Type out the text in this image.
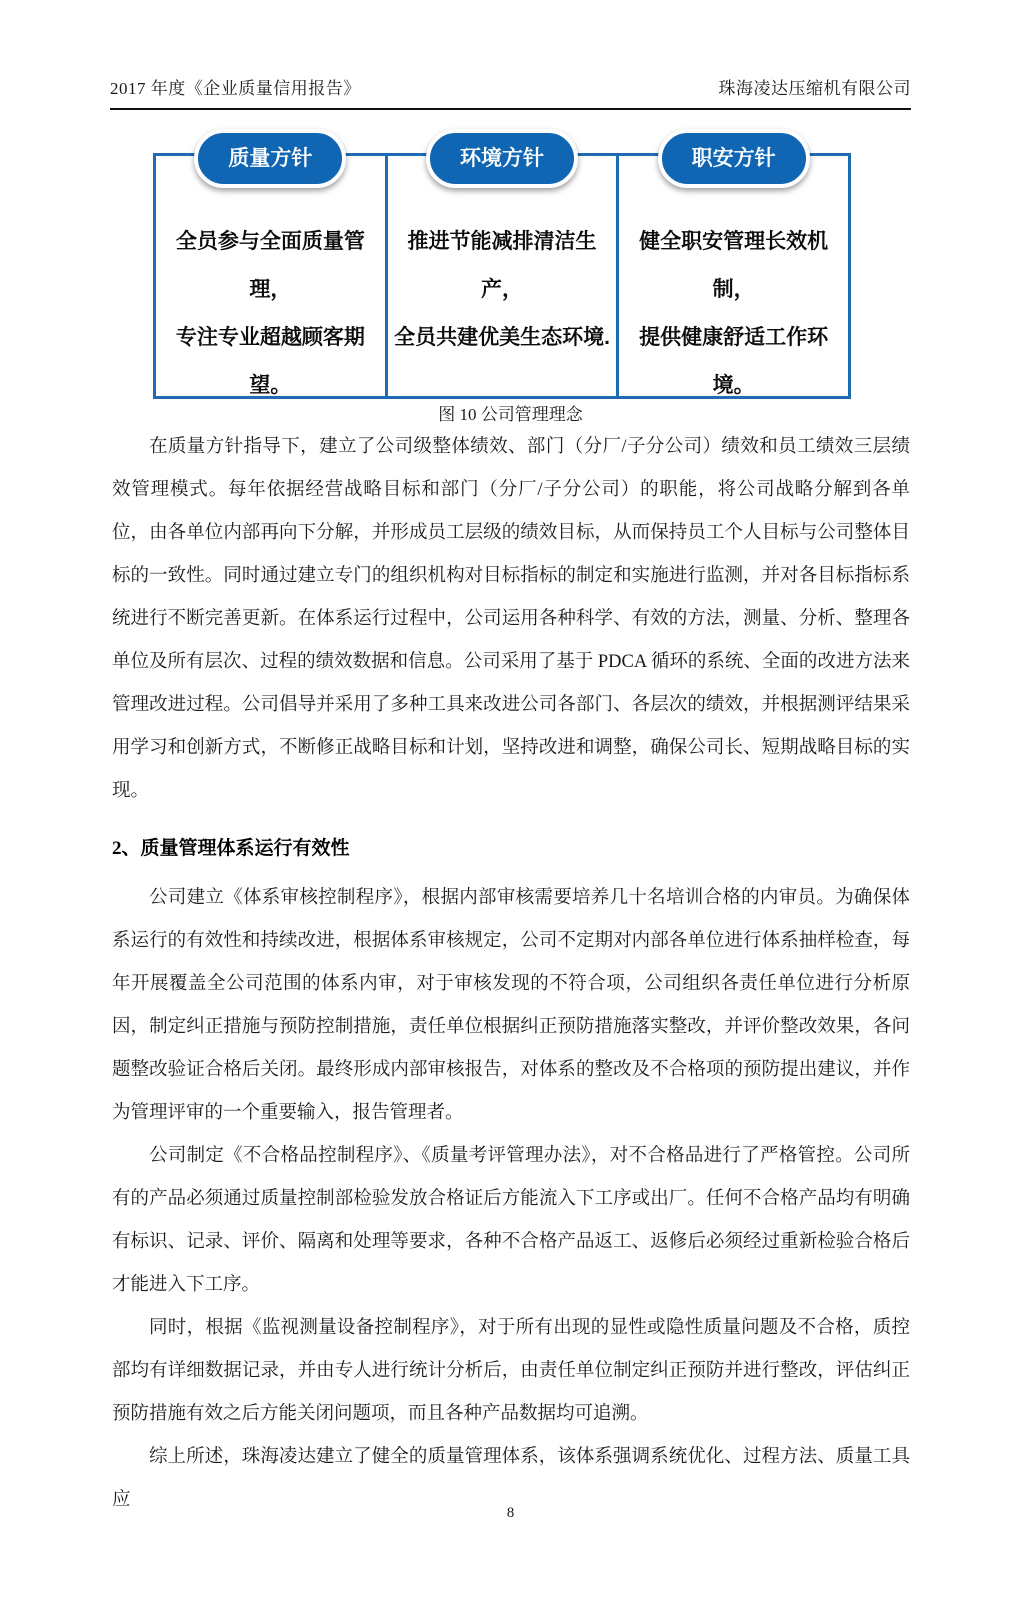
2017 年度《企业质量信用报告》	珠海凌达压缩机有限公司
质量方针
全员参与全面质量管理，
专注专业超越顾客期望。
环境方针
推进节能减排清洁生产，
全员共建优美生态环境.
职安方针
健全职安管理长效机制，
提供健康舒适工作环境。
图 10 公司管理理念

在质量方针指导下，建立了公司级整体绩效、部门（分厂/子分公司）绩效和员工绩效三层绩效管理模式。每年依据经营战略目标和部门（分厂/子分公司）的职能，将公司战略分解到各单位，由各单位内部再向下分解，并形成员工层级的绩效目标，从而保持员工个人目标与公司整体目标的一致性。同时通过建立专门的组织机构对目标指标的制定和实施进行监测，并对各目标指标系统进行不断完善更新。在体系运行过程中，公司运用各种科学、有效的方法，测量、分析、整理各单位及所有层次、过程的绩效数据和信息。公司采用了基于 PDCA 循环的系统、全面的改进方法来管理改进过程。公司倡导并采用了多种工具来改进公司各部门、各层次的绩效，并根据测评结果采用学习和创新方式，不断修正战略目标和计划，坚持改进和调整，确保公司长、短期战略目标的实现。

2、质量管理体系运行有效性

公司建立《体系审核控制程序》，根据内部审核需要培养几十名培训合格的内审员。为确保体系运行的有效性和持续改进，根据体系审核规定，公司不定期对内部各单位进行体系抽样检查，每年开展覆盖全公司范围的体系内审，对于审核发现的不符合项，公司组织各责任单位进行分析原因，制定纠正措施与预防控制措施，责任单位根据纠正预防措施落实整改，并评价整改效果，各问题整改验证合格后关闭。最终形成内部审核报告，对体系的整改及不合格项的预防提出建议，并作为管理评审的一个重要输入，报告管理者。

公司制定《不合格品控制程序》、《质量考评管理办法》，对不合格品进行了严格管控。公司所有的产品必须通过质量控制部检验发放合格证后方能流入下工序或出厂。任何不合格产品均有明确有标识、记录、评价、隔离和处理等要求，各种不合格产品返工、返修后必须经过重新检验合格后才能进入下工序。

同时，根据《监视测量设备控制程序》，对于所有出现的显性或隐性质量问题及不合格，质控部均有详细数据记录，并由专人进行统计分析后，由责任单位制定纠正预防并进行整改，评估纠正预防措施有效之后方能关闭问题项，而且各种产品数据均可追溯。

综上所述，珠海凌达建立了健全的质量管理体系，该体系强调系统优化、过程方法、质量工具应

8
